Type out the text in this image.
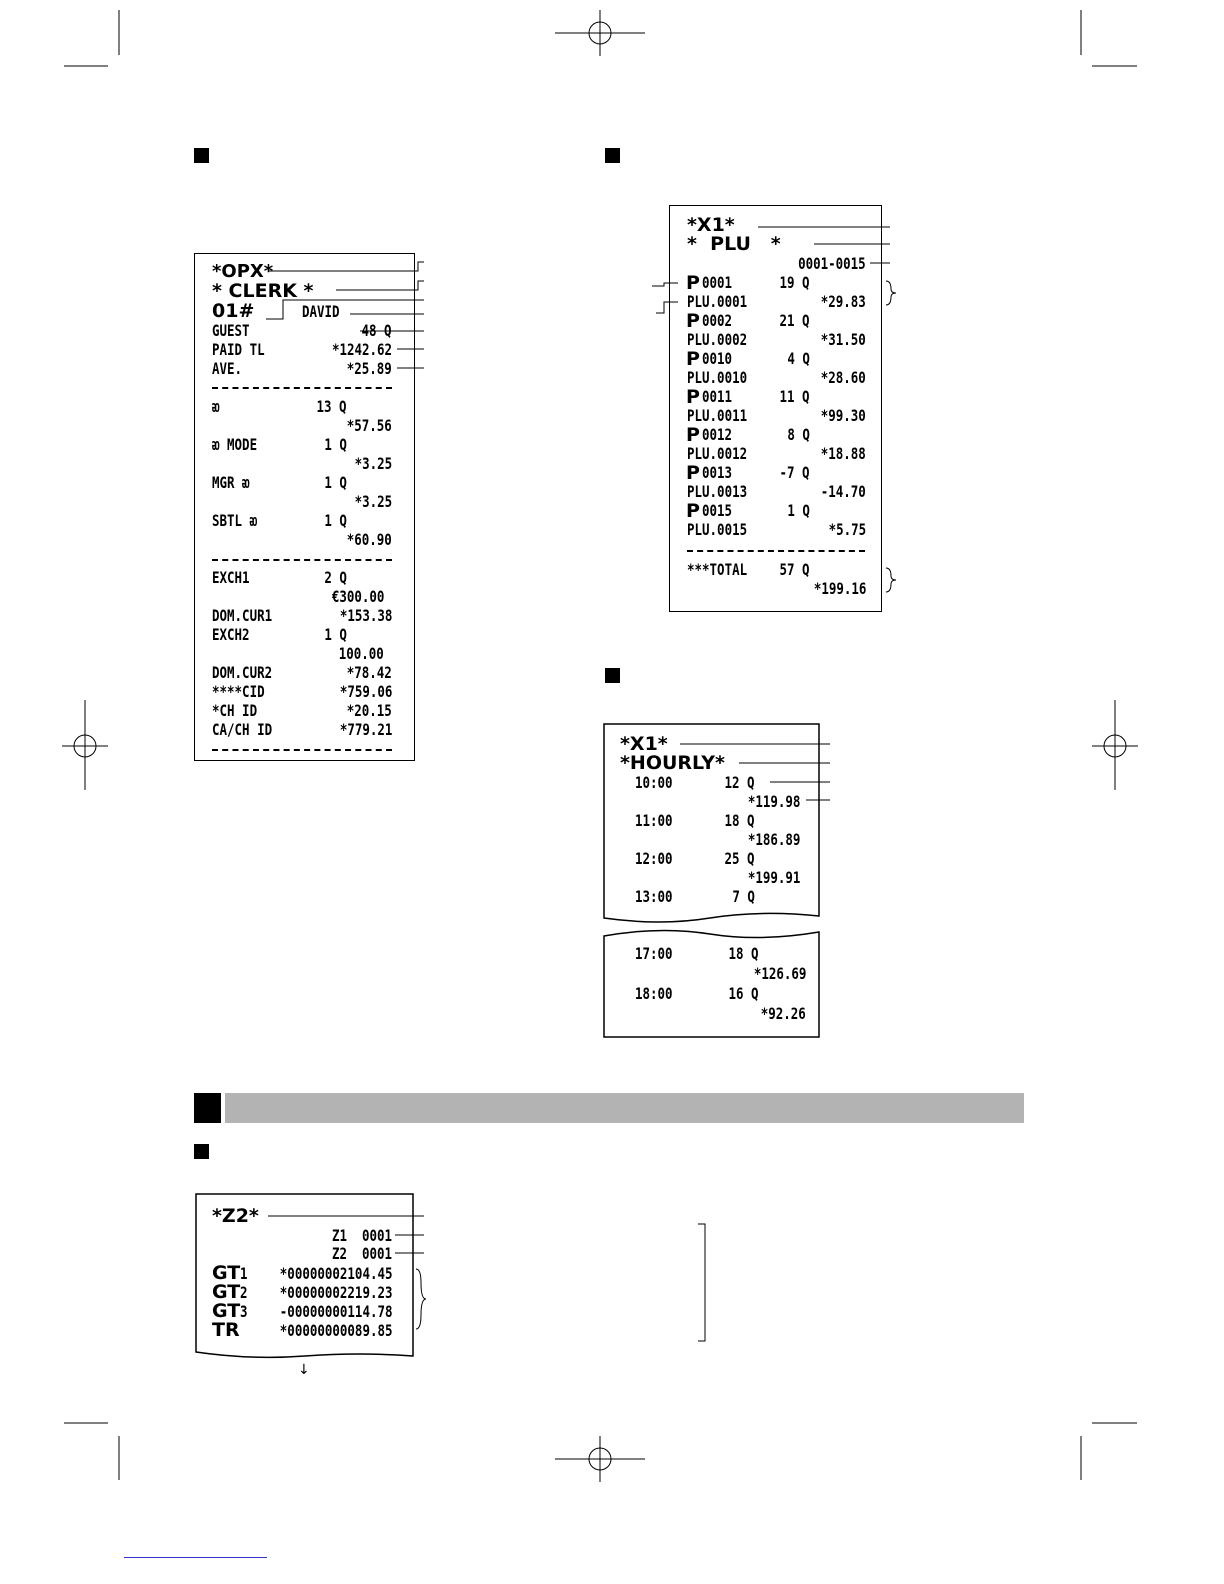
*OPX*
* CLERK *
01#	DAVID
GUEST	48 Q
PAID TL	*1242.62
AVE.	*25.89
ᴔ	13 Q
*57.56
ᴔ MODE	1 Q
*3.25
MGR ᴔ	1 Q
*3.25
SBTL ᴔ	1 Q
*60.90
EXCH1	2 Q
€300.00
DOM.CUR1	*153.38
EXCH2	1 Q
100.00
DOM.CUR2	*78.42
****CID	*759.06
*CH ID	*20.15
CA/CH ID	*779.21
*X1*
*  PLU   *
0001-0015
P 0001	19 Q
PLU.0001	*29.83
P 0002	21 Q
PLU.0002	*31.50
P 0010	4 Q
PLU.0010	*28.60
P 0011	11 Q
PLU.0011	*99.30
P 0012	8 Q
PLU.0012	*18.88
P 0013	-7 Q
PLU.0013	-14.70
P 0015	1 Q
PLU.0015	*5.75
***TOTAL 57 Q
*199.16
*X1*
*HOURLY*
10:00	12 Q
*119.98
11:00	18 Q
*186.89
12:00	25 Q
*199.91
13:00	7 Q
17:00	18 Q
*126.69
18:00	16 Q
*92.26
*Z2*
Z1  0001
Z2  0001
GT 1 *00000002104.45
GT 2 *00000002219.23
GT 3 -00000000114.78
TR *00000000089.85
↓
